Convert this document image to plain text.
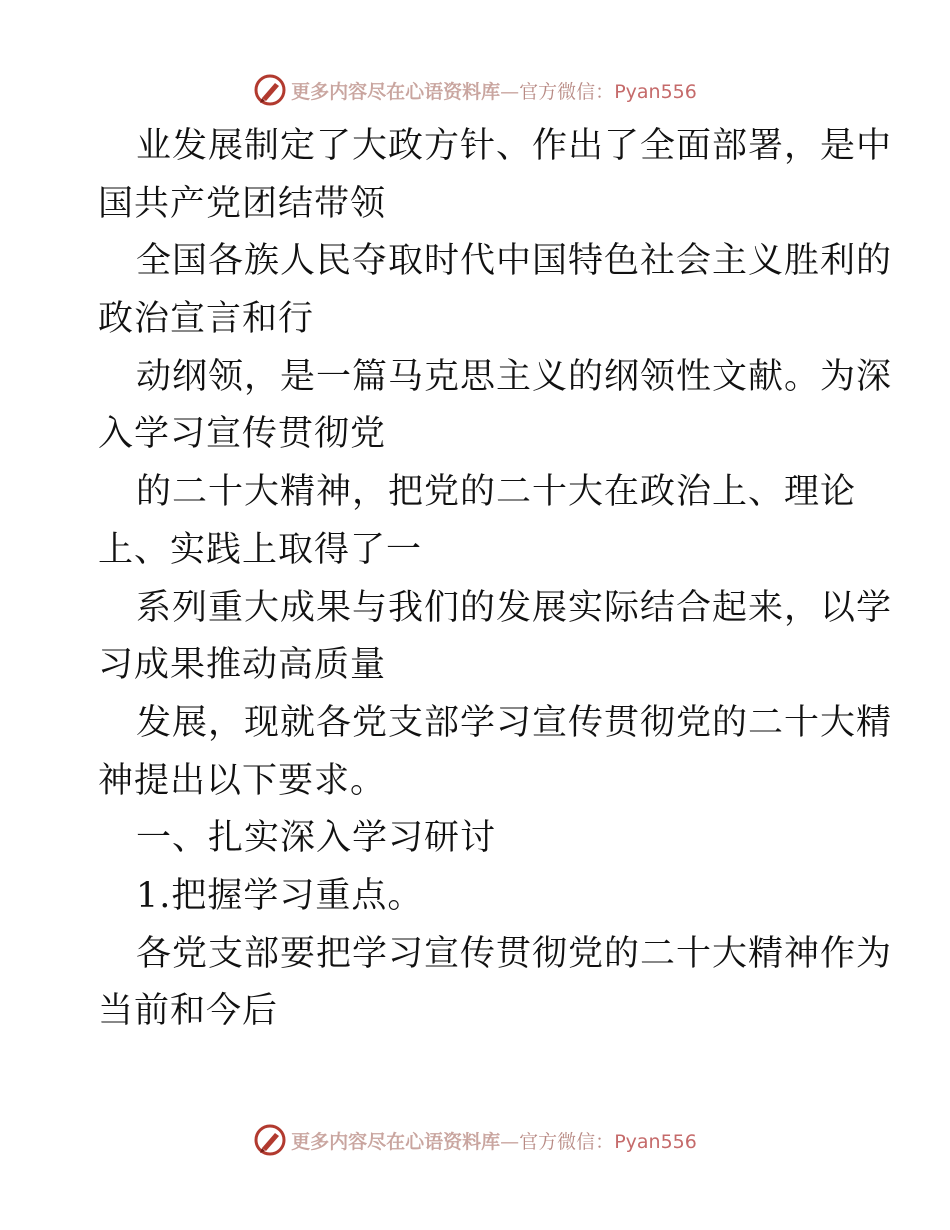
更多内容尽在心语资料库—官方微信：Pyan556
业发展制定了大政方针、作出了全面部署，是中
国共产党团结带领
全国各族人民夺取时代中国特色社会主义胜利的
政治宣言和行
动纲领，是一篇马克思主义的纲领性文献。为深
入学习宣传贯彻党
的二十大精神，把党的二十大在政治上、理论
上、实践上取得了一
系列重大成果与我们的发展实际结合起来，以学
习成果推动高质量
发展，现就各党支部学习宣传贯彻党的二十大精
神提出以下要求。
一、扎实深入学习研讨
1.把握学习重点。
各党支部要把学习宣传贯彻党的二十大精神作为
当前和今后
更多内容尽在心语资料库—官方微信：Pyan556
